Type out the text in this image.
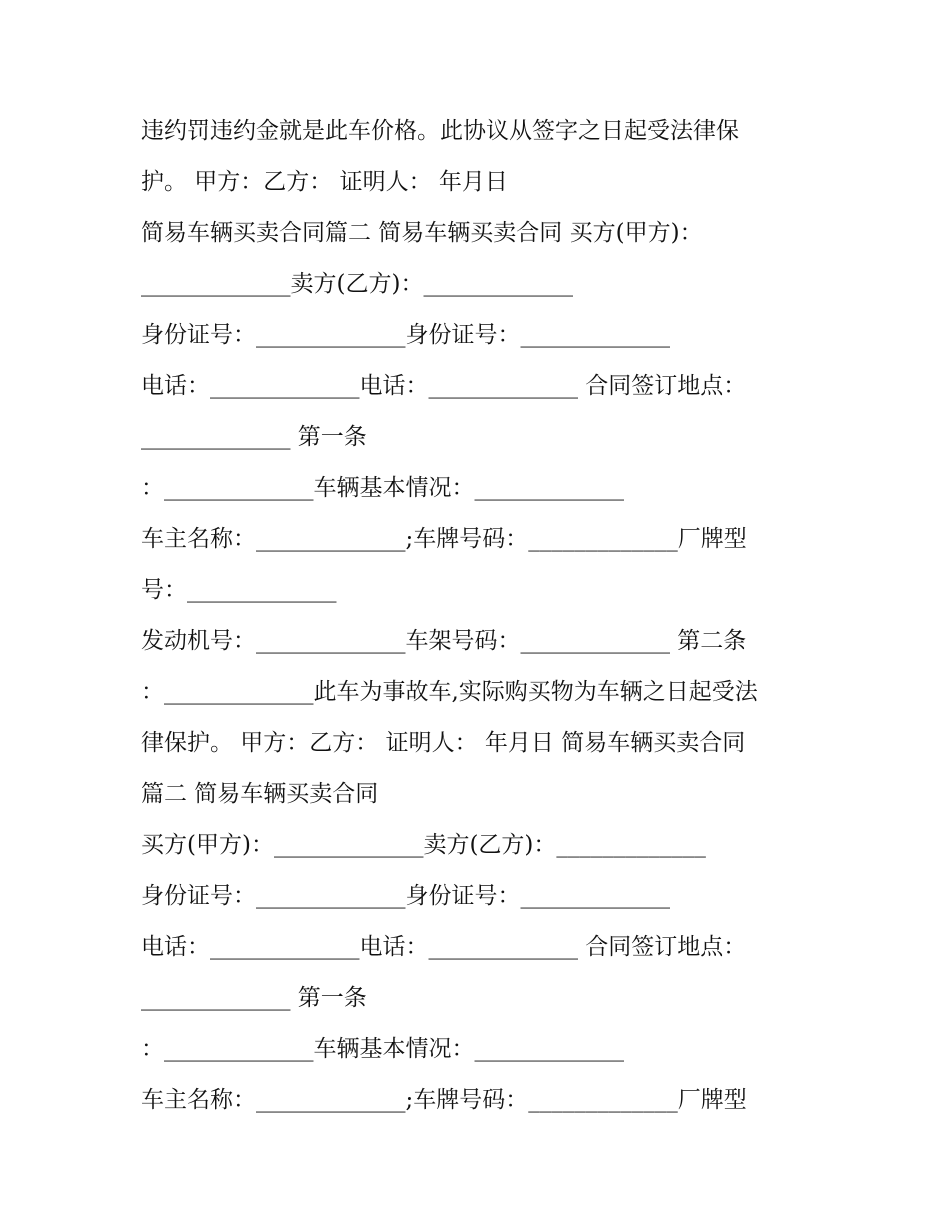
违约罚违约金就是此车价格。此协议从签字之日起受法律保
护。 甲方：乙方： 证明人： 年月日
简易车辆买卖合同篇二 简易车辆买卖合同 买方(甲方)：
_____________卖方(乙方)：_____________
身份证号：_____________身份证号：_____________
电话：_____________电话：_____________ 合同签订地点：
_____________ 第一条
：_____________车辆基本情况：_____________
车主名称：_____________;车牌号码：_____________厂牌型
号：_____________
发动机号：_____________车架号码：_____________ 第二条
：_____________此车为事故车,实际购买物为车辆之日起受法
律保护。 甲方：乙方： 证明人： 年月日 简易车辆买卖合同
篇二 简易车辆买卖合同
买方(甲方)：_____________卖方(乙方)：_____________
身份证号：_____________身份证号：_____________
电话：_____________电话：_____________ 合同签订地点：
_____________ 第一条
：_____________车辆基本情况：_____________
车主名称：_____________;车牌号码：_____________厂牌型
